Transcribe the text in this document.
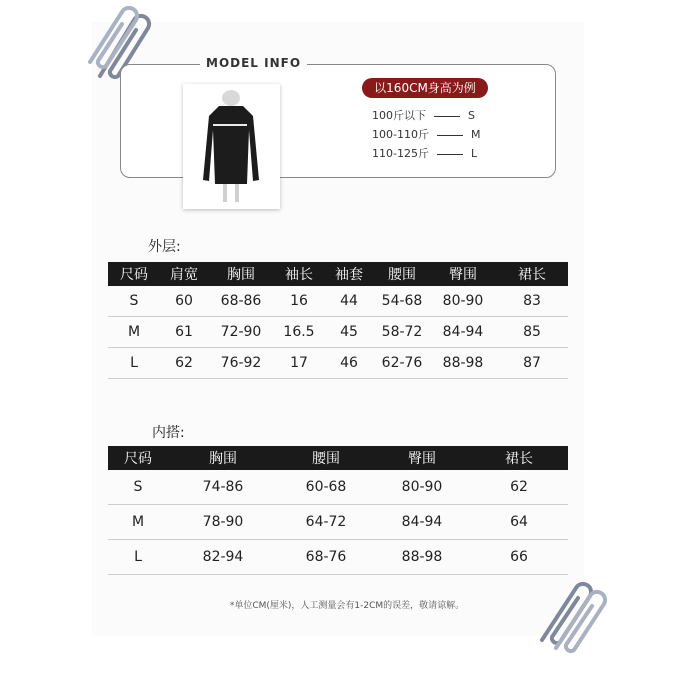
MODEL INFO
以160CM身高为例
100斤以下	S
100-110斤	M
110-125斤	L
外层:
尺码	肩宽	胸围	袖长	袖套	腰围	臀围	裙长
S	60	68-86	16	44	54-68	80-90	83
M	61	72-90	16.5	45	58-72	84-94	85
L	62	76-92	17	46	62-76	88-98	87
内搭:
尺码	胸围	腰围	臀围	裙长
S	74-86	60-68	80-90	62
M	78-90	64-72	84-94	64
L	82-94	68-76	88-98	66
*单位CM(厘米)，人工测量会有1-2CM的误差，敬请谅解。
